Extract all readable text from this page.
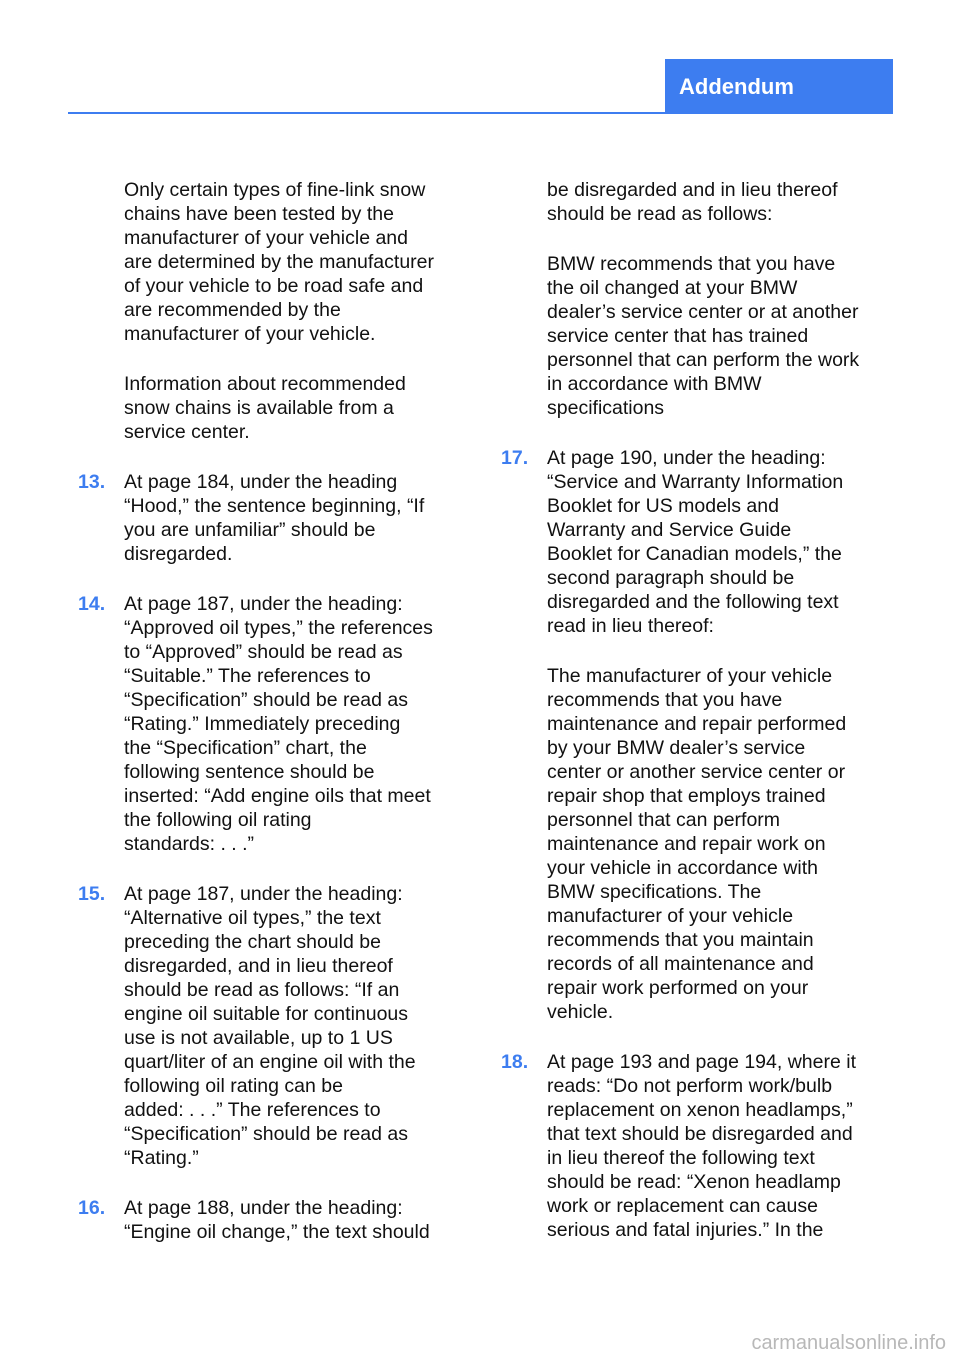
Addendum

Only certain types of fine-link snow
chains have been tested by the
manufacturer of your vehicle and
are determined by the manufacturer
of your vehicle to be road safe and
are recommended by the
manufacturer of your vehicle.

Information about recommended
snow chains is available from a
service center.

13. At page 184, under the heading
“Hood,” the sentence beginning, “If
you are unfamiliar” should be
disregarded.
14. At page 187, under the heading:
“Approved oil types,” the references
to “Approved” should be read as
“Suitable.” The references to
“Specification” should be read as
“Rating.” Immediately preceding
the “Specification” chart, the
following sentence should be
inserted: “Add engine oils that meet
the following oil rating
standards: . . .”
15. At page 187, under the heading:
“Alternative oil types,” the text
preceding the chart should be
disregarded, and in lieu thereof
should be read as follows: “If an
engine oil suitable for continuous
use is not available, up to 1 US
quart/liter of an engine oil with the
following oil rating can be
added: . . .” The references to
“Specification” should be read as
“Rating.”
16. At page 188, under the heading:
“Engine oil change,” the text should

be disregarded and in lieu thereof
should be read as follows:

BMW recommends that you have
the oil changed at your BMW
dealer’s service center or at another
service center that has trained
personnel that can perform the work
in accordance with BMW
specifications

17. At page 190, under the heading:
“Service and Warranty Information
Booklet for US models and
Warranty and Service Guide
Booklet for Canadian models,” the
second paragraph should be
disregarded and the following text
read in lieu thereof:

The manufacturer of your vehicle
recommends that you have
maintenance and repair performed
by your BMW dealer’s service
center or another service center or
repair shop that employs trained
personnel that can perform
maintenance and repair work on
your vehicle in accordance with
BMW specifications. The
manufacturer of your vehicle
recommends that you maintain
records of all maintenance and
repair work performed on your
vehicle.

18. At page 193 and page 194, where it
reads: “Do not perform work/bulb
replacement on xenon headlamps,”
that text should be disregarded and
in lieu thereof the following text
should be read: “Xenon headlamp
work or replacement can cause
serious and fatal injuries.” In the
carmanualsonline.info
